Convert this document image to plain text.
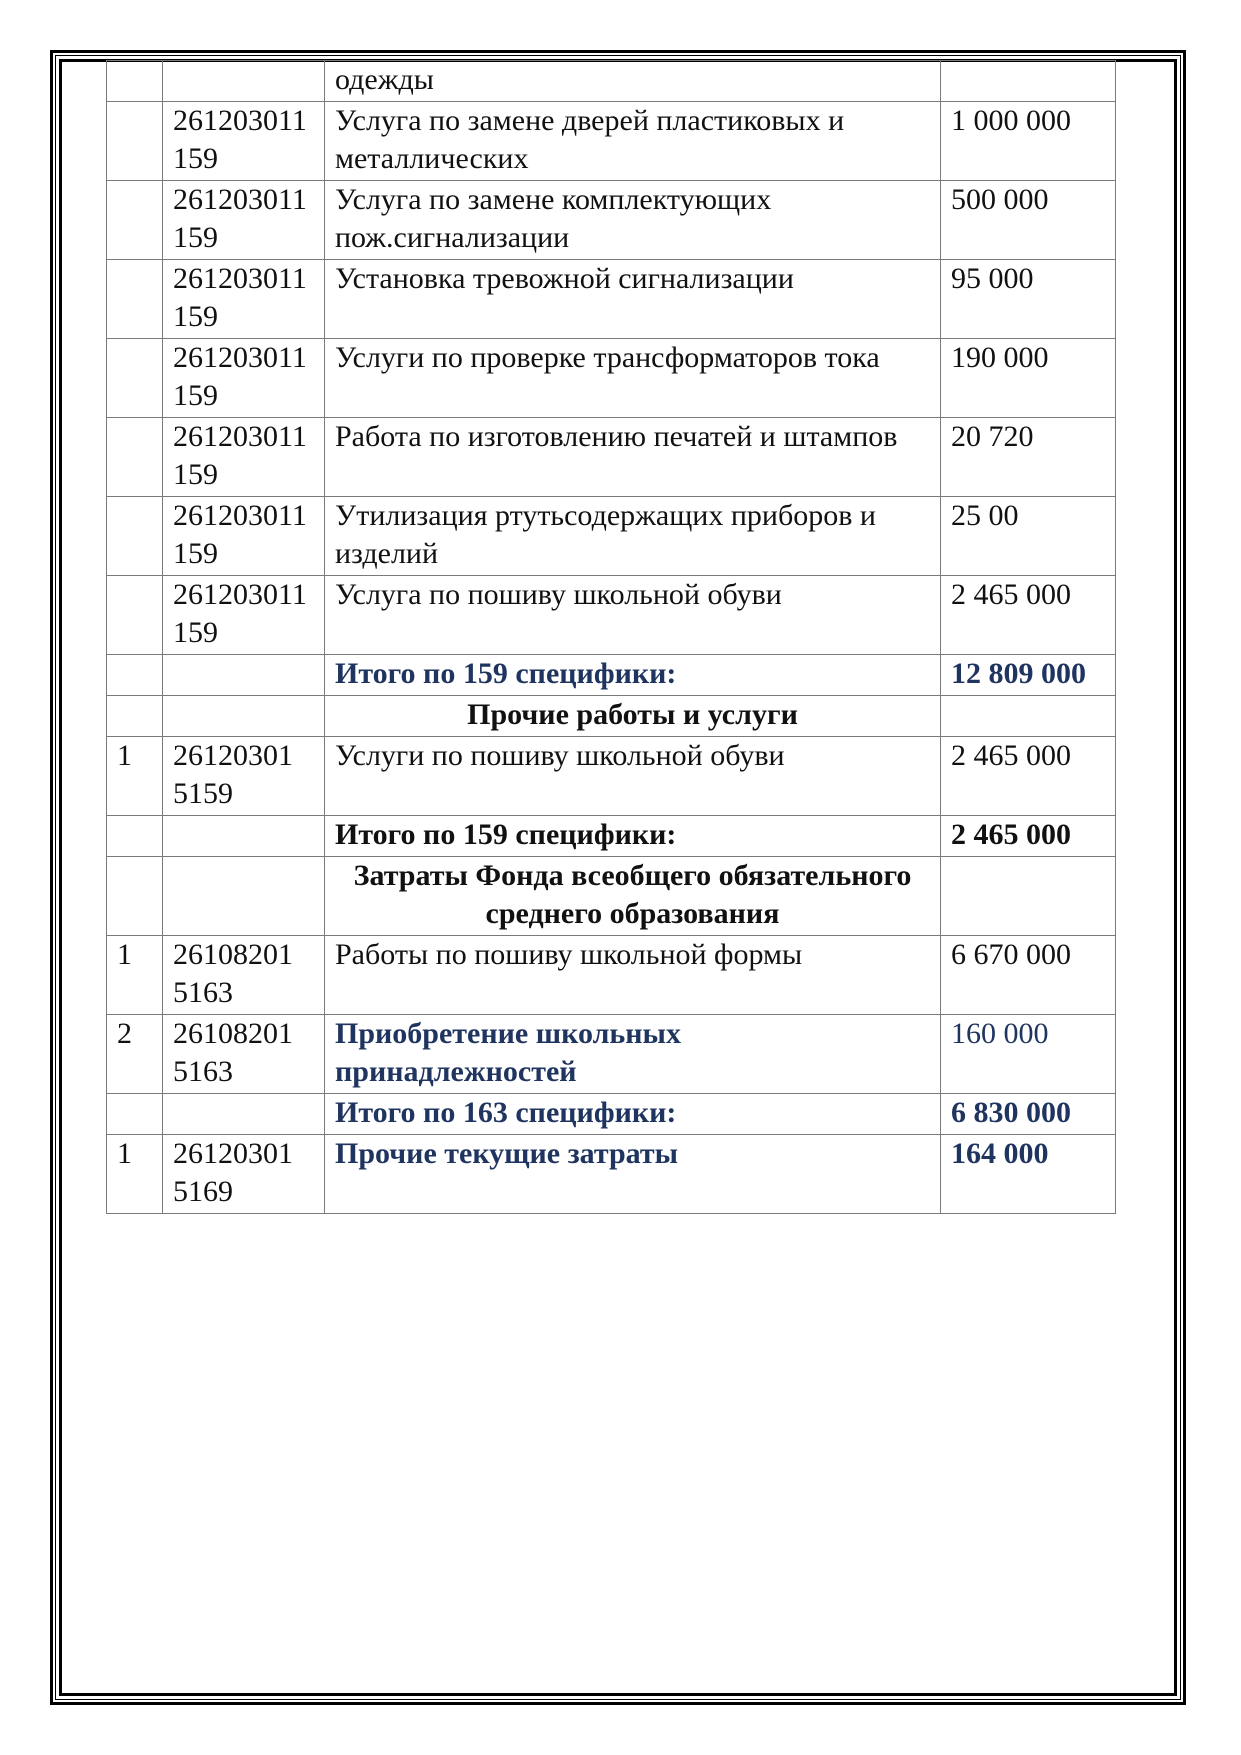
		одежды	
	261203011 159	Услуга по замене дверей пластиковых и металлических	1 000 000
	261203011 159	Услуга по замене комплектующих пож.сигнализации	500 000
	261203011 159	Установка тревожной сигнализации	95 000
	261203011 159	Услуги по проверке трансформаторов тока	190 000
	261203011 159	Работа по изготовлению печатей и штампов	20 720
	261203011 159	Утилизация ртутьсодержащих приборов и изделий	25 00
	261203011 159	Услуга по пошиву школьной обуви	2 465 000
		Итого по 159 специфики:	12 809 000
		Прочие работы и услуги	
1	26120301 5159	Услуги по пошиву школьной обуви	2 465 000
		Итого по 159 специфики:	2 465 000
		Затраты Фонда всеобщего обязательного среднего образования	
1	26108201 5163	Работы по пошиву школьной формы	6 670 000
2	26108201 5163	Приобретение школьных принадлежностей	160 000
		Итого по 163 специфики:	6 830 000
1	26120301 5169	Прочие текущие затраты	164 000
